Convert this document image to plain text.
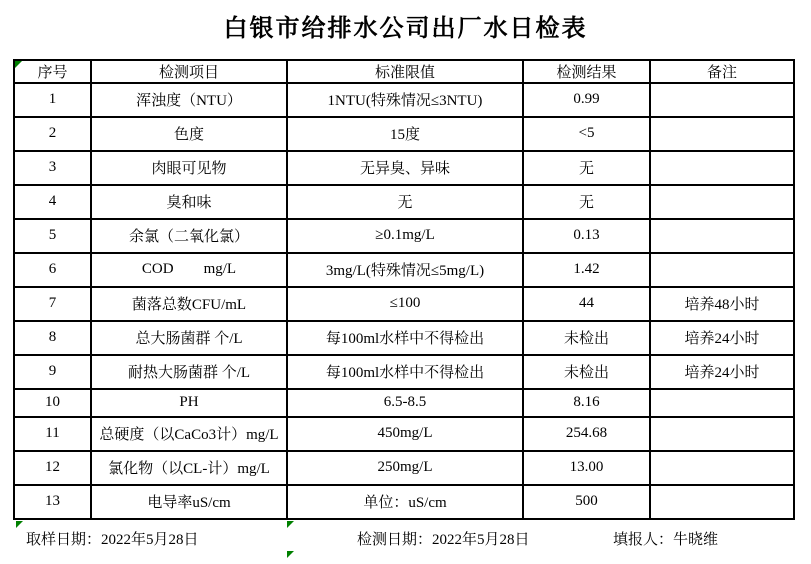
白银市给排水公司出厂水日检表
序号	检测项目	标准限值	检测结果	备注
1	浑浊度（NTU）	1NTU(特殊情况≤3NTU)	0.99	
2	色度	15度	<5	
3	肉眼可见物	无异臭、异味	无	
4	臭和味	无	无	
5	余氯（二氧化氯）	≥0.1mg/L	0.13	
6	COD        mg/L	3mg/L(特殊情况≤5mg/L)	1.42	
7	菌落总数CFU/mL	≤100	44	培养48小时
8	总大肠菌群 个/L	每100ml水样中不得检出	未检出	培养24小时
9	耐热大肠菌群 个/L	每100ml水样中不得检出	未检出	培养24小时
10	PH	6.5-8.5	8.16	
11	总硬度（以CaCo3计）mg/L	450mg/L	254.68	
12	氯化物（以CL-计）mg/L	250mg/L	13.00	
13	电导率uS/cm	单位：uS/cm	500	
取样日期：2022年5月28日	检测日期：2022年5月28日	填报人：牛晓维
